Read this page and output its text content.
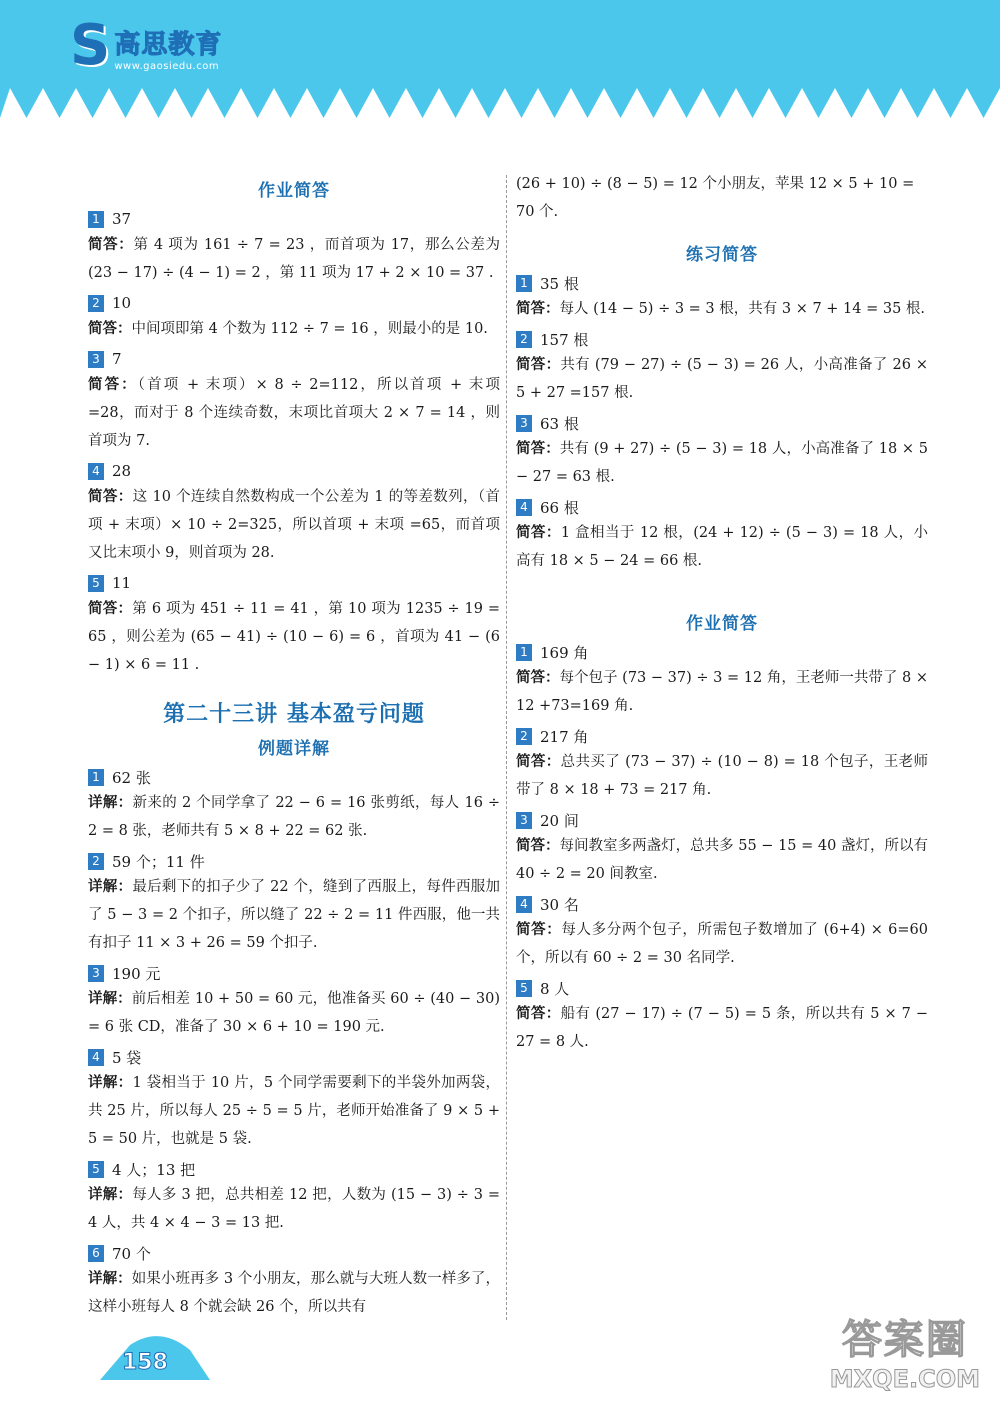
S 高思教育
www.gaosiedu.com
作业简答
1 37
简答：第 4 项为 161 ÷ 7 = 23 ，而首项为 17，那么公差为 (23 − 17) ÷ (4 − 1) = 2 ，第 11 项为 17 + 2 × 10 = 37 .
2 10
简答：中间项即第 4 个数为 112 ÷ 7 = 16 ，则最小的是 10.
3 7
简答：（首项 + 末项）× 8 ÷ 2=112，所以首项 + 末项 =28，而对于 8 个连续奇数，末项比首项大 2 × 7 = 14 ，则首项为 7.
4 28
简答：这 10 个连续自然数构成一个公差为 1 的等差数列，（首项 + 末项）× 10 ÷ 2=325，所以首项 + 末项 =65，而首项又比末项小 9，则首项为 28.
5 11
简答：第 6 项为 451 ÷ 11 = 41 ，第 10 项为 1235 ÷ 19 = 65 ，则公差为 (65 − 41) ÷ (10 − 6) = 6 ，首项为 41 − (6 − 1) × 6 = 11 .
第二十三讲 基本盈亏问题
例题详解
1 62 张
详解：新来的 2 个同学拿了 22 − 6 = 16 张剪纸，每人 16 ÷ 2 = 8 张，老师共有 5 × 8 + 22 = 62 张.
2 59 个；11 件
详解：最后剩下的扣子少了 22 个，缝到了西服上，每件西服加了 5 − 3 = 2 个扣子，所以缝了 22 ÷ 2 = 11 件西服，他一共有扣子 11 × 3 + 26 = 59 个扣子.
3 190 元
详解：前后相差 10 + 50 = 60 元，他准备买 60 ÷ (40 − 30) = 6 张 CD，准备了 30 × 6 + 10 = 190 元.
4 5 袋
详解：1 袋相当于 10 片，5 个同学需要剩下的半袋外加两袋，共 25 片，所以每人 25 ÷ 5 = 5 片，老师开始准备了 9 × 5 + 5 = 50 片，也就是 5 袋.
5 4 人；13 把
详解：每人多 3 把，总共相差 12 把，人数为 (15 − 3) ÷ 3 = 4 人，共 4 × 4 − 3 = 13 把.
6 70 个
详解：如果小班再多 3 个小朋友，那么就与大班人数一样多了，这样小班每人 8 个就会缺 26 个，所以共有
(26 + 10) ÷ (8 − 5) = 12 个小朋友，苹果 12 × 5 + 10 = 70 个.
练习简答
1 35 根
简答：每人 (14 − 5) ÷ 3 = 3 根，共有 3 × 7 + 14 = 35 根.
2 157 根
简答：共有 (79 − 27) ÷ (5 − 3) = 26 人，小高准备了 26 × 5 + 27 =157 根.
3 63 根
简答：共有 (9 + 27) ÷ (5 − 3) = 18 人，小高准备了 18 × 5 − 27 = 63 根.
4 66 根
简答：1 盒相当于 12 根，(24 + 12) ÷ (5 − 3) = 18 人，小高有 18 × 5 − 24 = 66 根.
作业简答
1 169 角
简答：每个包子 (73 − 37) ÷ 3 = 12 角，王老师一共带了 8 × 12 +73=169 角.
2 217 角
简答：总共买了 (73 − 37) ÷ (10 − 8) = 18 个包子，王老师带了 8 × 18 + 73 = 217 角.
3 20 间
简答：每间教室多两盏灯，总共多 55 − 15 = 40 盏灯，所以有 40 ÷ 2 = 20 间教室.
4 30 名
简答：每人多分两个包子，所需包子数增加了 (6+4) × 6=60 个，所以有 60 ÷ 2 = 30 名同学.
5 8 人
简答：船有 (27 − 17) ÷ (7 − 5) = 5 条，所以共有 5 × 7 − 27 = 8 人.
158	答案圈
MXQE.COM
